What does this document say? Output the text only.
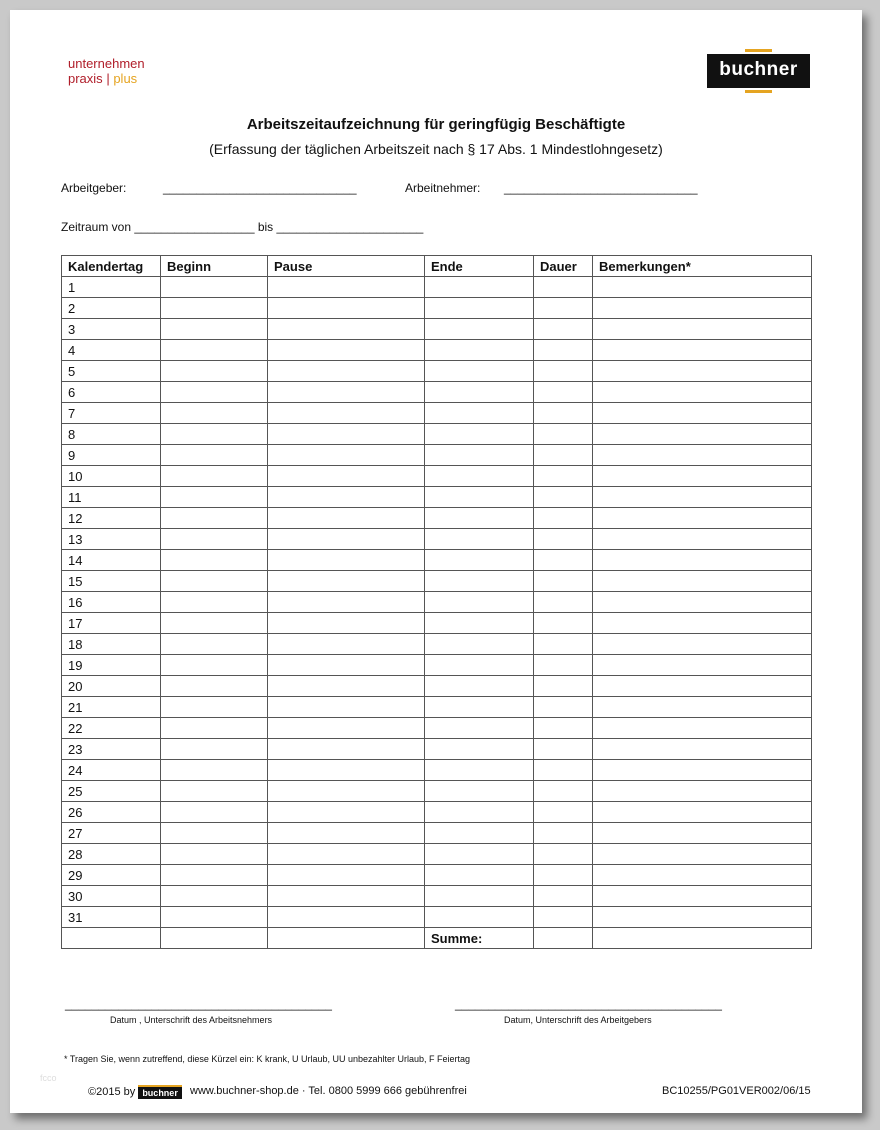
unternehmen
praxis | plus	buchner
Arbeitszeitaufzeichnung für geringfügig Beschäftigte
(Erfassung der täglichen Arbeitszeit nach § 17 Abs. 1 Mindestlohngesetz)
Arbeitgeber:	_____________________________	Arbeitnehmer: _____________________________
Zeitraum von __________________ bis ______________________
Kalendertag	Beginn	Pause	Ende	Dauer	Bemerkungen*
1					
2					
3					
4					
5					
6					
7					
8					
9					
10					
11					
12					
13					
14					
15					
16					
17					
18					
19					
20					
21					
22					
23					
24					
25					
26					
27					
28					
29					
30					
31					
			Summe:		
________________________________________
Datum , Unterschrift des Arbeitsnehmers
________________________________________
Datum, Unterschrift des Arbeitgebers
* Tragen Sie, wenn zutreffend, diese Kürzel ein: K krank, U Urlaub, UU unbezahlter Urlaub, F Feiertag
fcco
©2015 by buchner	www.buchner-shop.de · Tel. 0800 5999 666 gebührenfrei	BC10255/PG01VER002/06/15
